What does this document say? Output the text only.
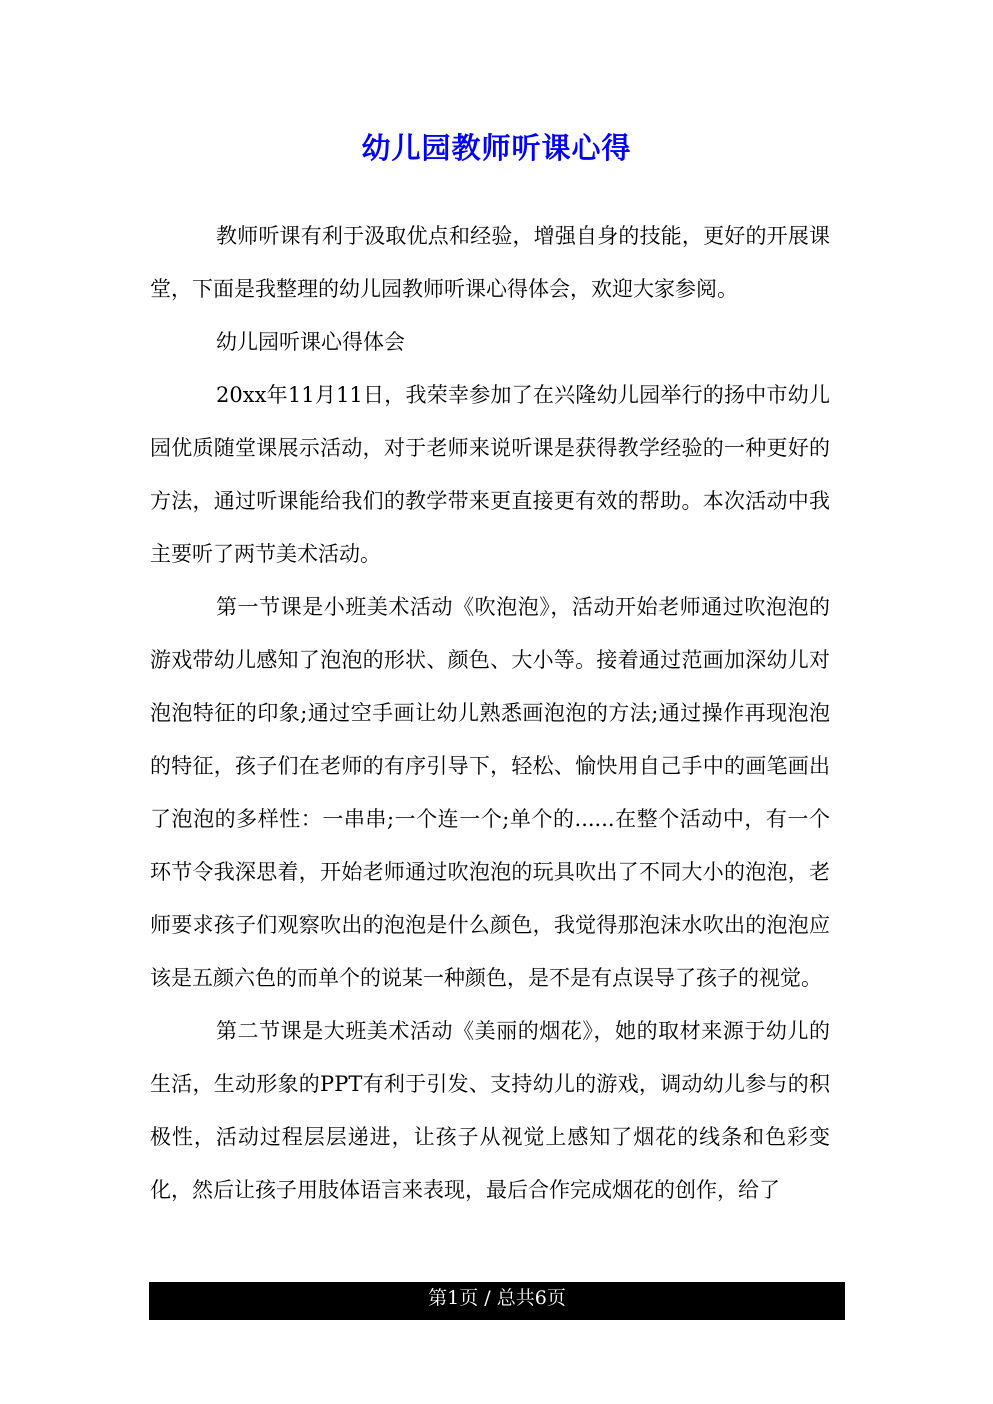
幼儿园教师听课心得

教师听课有利于汲取优点和经验，增强自身的技能，更好的开展课堂，下面是我整理的幼儿园教师听课心得体会，欢迎大家参阅。

幼儿园听课心得体会

20xx年11月11日，我荣幸参加了在兴隆幼儿园举行的扬中市幼儿园优质随堂课展示活动，对于老师来说听课是获得教学经验的一种更好的方法，通过听课能给我们的教学带来更直接更有效的帮助。本次活动中我主要听了两节美术活动。

第一节课是小班美术活动《吹泡泡》，活动开始老师通过吹泡泡的游戏带幼儿感知了泡泡的形状、颜色、大小等。接着通过范画加深幼儿对泡泡特征的印象;通过空手画让幼儿熟悉画泡泡的方法;通过操作再现泡泡的特征，孩子们在老师的有序引导下，轻松、愉快用自己手中的画笔画出了泡泡的多样性：一串串;一个连一个;单个的......在整个活动中，有一个环节令我深思着，开始老师通过吹泡泡的玩具吹出了不同大小的泡泡，老师要求孩子们观察吹出的泡泡是什么颜色，我觉得那泡沫水吹出的泡泡应该是五颜六色的而单个的说某一种颜色，是不是有点误导了孩子的视觉。

第二节课是大班美术活动《美丽的烟花》，她的取材来源于幼儿的生活，生动形象的PPT有利于引发、支持幼儿的游戏，调动幼儿参与的积极性，活动过程层层递进，让孩子从视觉上感知了烟花的线条和色彩变化，然后让孩子用肢体语言来表现，最后合作完成烟花的创作，给了

第1页 / 总共6页
